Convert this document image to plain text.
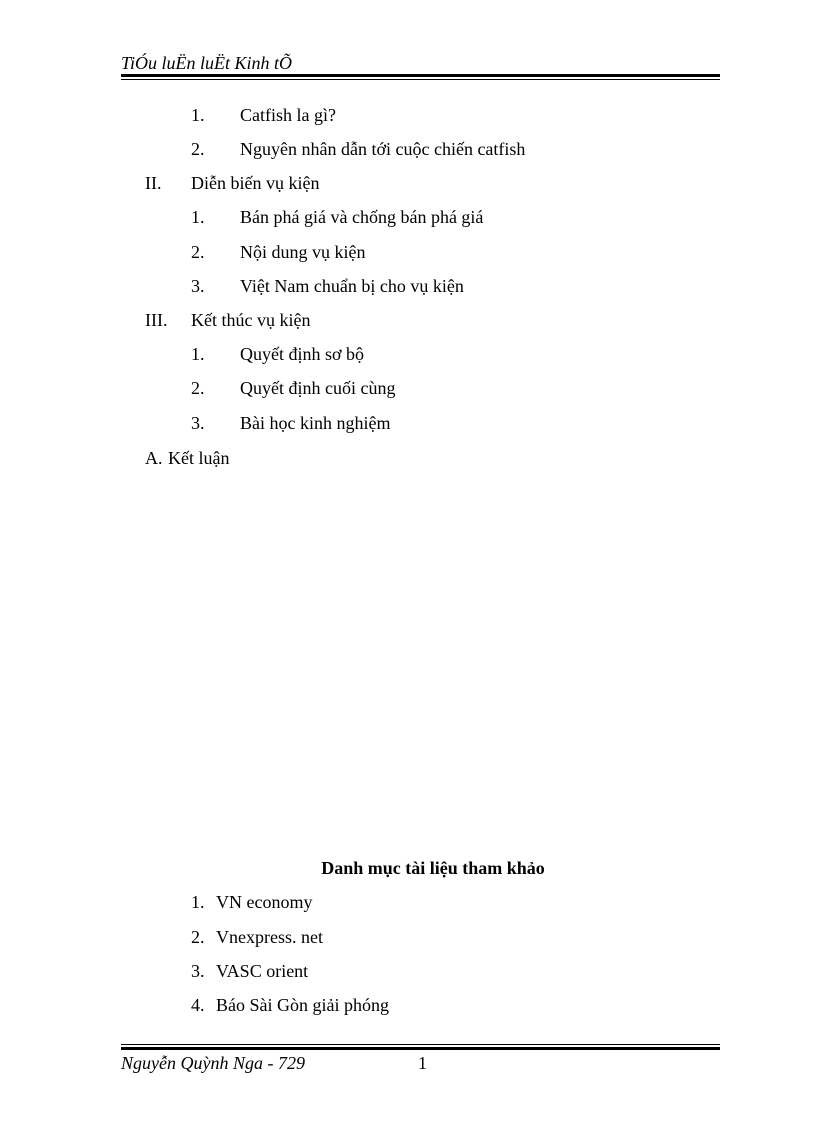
TiÓu luËn luËt Kinh tÕ
1. Catfish la gì?
2. Nguyên nhân dẫn tới cuộc chiến catfish
II. Diễn biến vụ kiện
1. Bán phá giá và chống bán phá giá
2. Nội dung vụ kiện
3. Việt Nam chuẩn bị cho vụ kiện
III. Kết thúc vụ kiện
1. Quyết định sơ bộ
2. Quyết định cuối cùng
3. Bài học kinh nghiệm
A. Kết luận
Danh mục tài liệu tham khảo
1. VN economy
2. Vnexpress. net
3. VASC orient
4. Báo Sài Gòn giải phóng
Nguyễn Quỳnh Nga - 729	1
